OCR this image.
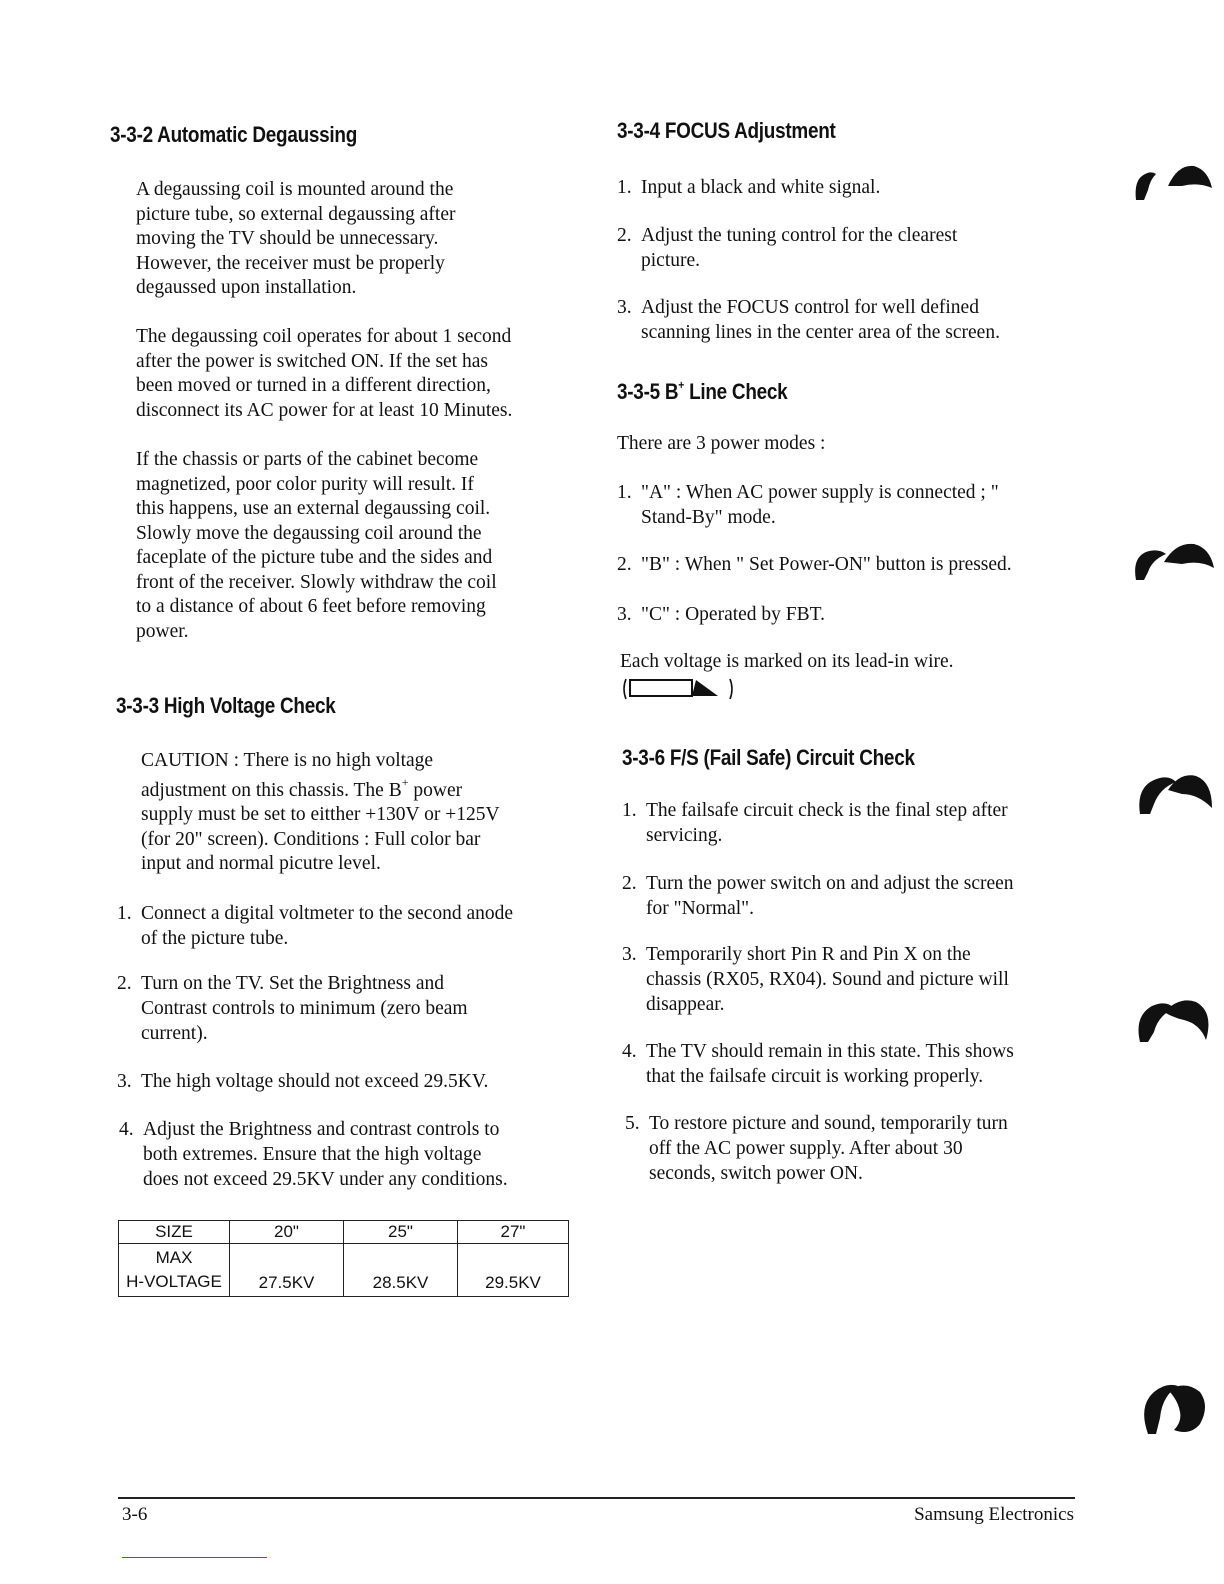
3-3-2 Automatic Degaussing
A degaussing coil is mounted around the
picture tube, so external degaussing after
moving the TV should be unnecessary.
However, the receiver must be properly
degaussed upon installation.
The degaussing coil operates for about 1 second
after the power is switched ON. If the set has
been moved or turned in a different direction,
disconnect its AC power for at least 10 Minutes.
If the chassis or parts of the cabinet become
magnetized, poor color purity will result. If
this happens, use an external degaussing coil.
Slowly move the degaussing coil around the
faceplate of the picture tube and the sides and
front of the receiver. Slowly withdraw the coil
to a distance of about 6 feet before removing
power.
3-3-3 High Voltage Check
CAUTION : There is no high voltage
adjustment on this chassis. The B+ power
supply must be set to eitther +130V or +125V
(for 20" screen). Conditions : Full color bar
input and normal picutre level.
1. Connect a digital voltmeter to the second anode
of the picture tube.
2. Turn on the TV. Set the Brightness and
Contrast controls to minimum (zero beam
current).
3. The high voltage should not exceed 29.5KV.
4. Adjust the Brightness and contrast controls to
both extremes. Ensure that the high voltage
does not exceed 29.5KV under any conditions.
SIZE	20"	25"	27"

MAX
H-VOLTAGE	27.5KV	28.5KV	29.5KV
3-3-4 FOCUS Adjustment
1. Input a black and white signal.
2. Adjust the tuning control for the clearest
picture.
3. Adjust the FOCUS control for well defined
scanning lines in the center area of the screen.
3-3-5 B+ Line Check
There are 3 power modes :
1. "A" : When AC power supply is connected ; "
Stand-By" mode.
2. "B" : When " Set Power-ON" button is pressed.
3. "C" : Operated by FBT.
Each voltage is marked on its lead-in wire.
3-3-6 F/S (Fail Safe) Circuit Check
1. The failsafe circuit check is the final step after
servicing.
2. Turn the power switch on and adjust the screen
for "Normal".
3. Temporarily short Pin R and Pin X on the
chassis (RX05, RX04). Sound and picture will
disappear.
4. The TV should remain in this state. This shows
that the failsafe circuit is working properly.
5. To restore picture and sound, temporarily turn
off the AC power supply. After about 30
seconds, switch power ON.
3-6	Samsung Electronics
